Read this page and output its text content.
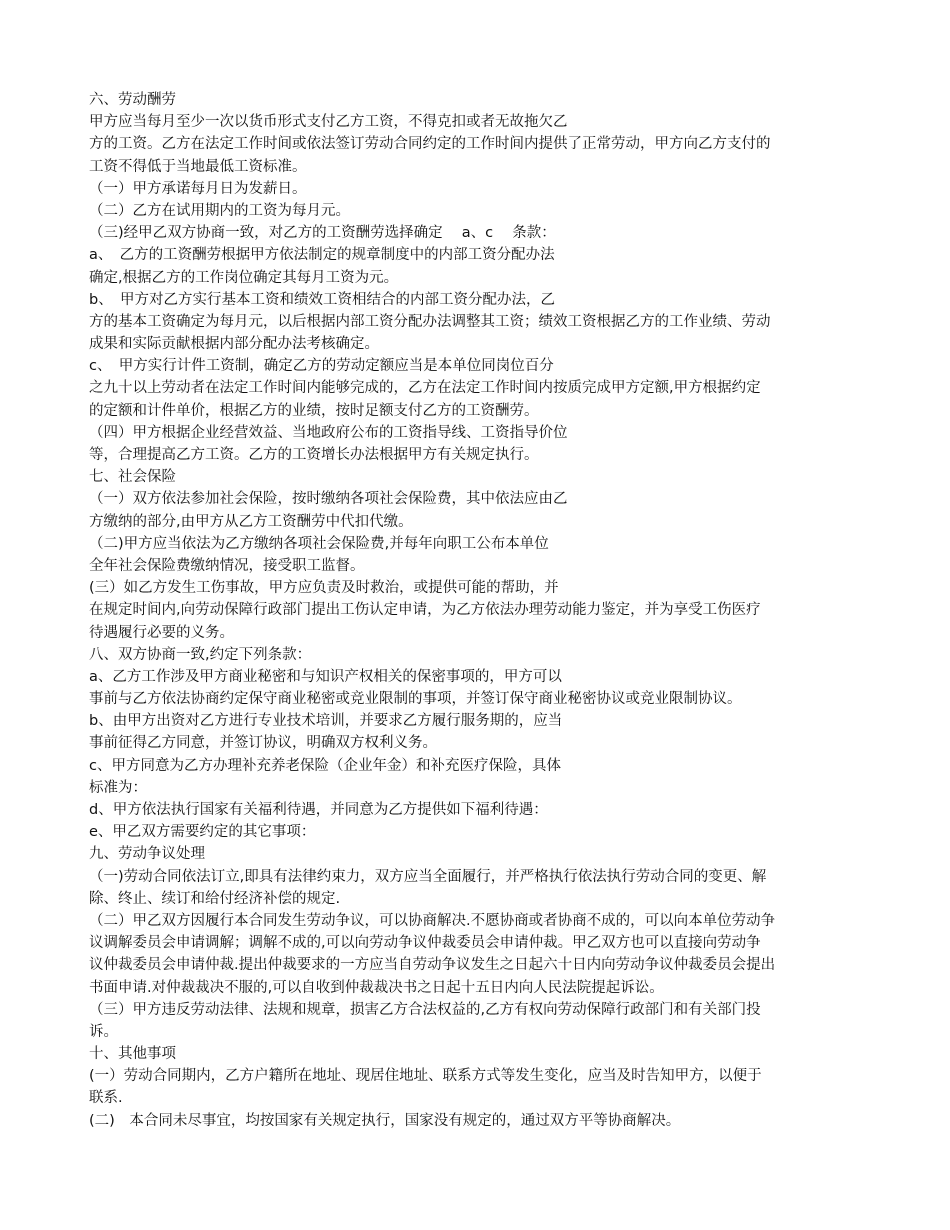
六、劳动酬劳
甲方应当每月至少一次以货币形式支付乙方工资，不得克扣或者无故拖欠乙
方的工资。乙方在法定工作时间或依法签订劳动合同约定的工作时间内提供了正常劳动，甲方向乙方支付的
工资不得低于当地最低工资标准。
（一）甲方承诺每月日为发薪日。
（二）乙方在试用期内的工资为每月元。
（三)经甲乙双方协商一致，对乙方的工资酬劳选择确定　 a、c　 条款：
a、　乙方的工资酬劳根据甲方依法制定的规章制度中的内部工资分配办法
确定,根据乙方的工作岗位确定其每月工资为元。
b、　甲方对乙方实行基本工资和绩效工资相结合的内部工资分配办法，乙
方的基本工资确定为每月元，以后根据内部工资分配办法调整其工资；绩效工资根据乙方的工作业绩、劳动
成果和实际贡献根据内部分配办法考核确定。
c、　甲方实行计件工资制，确定乙方的劳动定额应当是本单位同岗位百分
之九十以上劳动者在法定工作时间内能够完成的，乙方在法定工作时间内按质完成甲方定额,甲方根据约定
的定额和计件单价，根据乙方的业绩，按时足额支付乙方的工资酬劳。
（四）甲方根据企业经营效益、当地政府公布的工资指导线、工资指导价位
等，合理提高乙方工资。乙方的工资增长办法根据甲方有关规定执行。
七、社会保险
（一）双方依法参加社会保险，按时缴纳各项社会保险费，其中依法应由乙
方缴纳的部分,由甲方从乙方工资酬劳中代扣代缴。
（二)甲方应当依法为乙方缴纳各项社会保险费,并每年向职工公布本单位
全年社会保险费缴纳情况，接受职工监督。
(三）如乙方发生工伤事故，甲方应负责及时救治，或提供可能的帮助，并
在规定时间内,向劳动保障行政部门提出工伤认定申请，为乙方依法办理劳动能力鉴定，并为享受工伤医疗
待遇履行必要的义务。
八、双方协商一致,约定下列条款：
a、乙方工作涉及甲方商业秘密和与知识产权相关的保密事项的，甲方可以
事前与乙方依法协商约定保守商业秘密或竞业限制的事项，并签订保守商业秘密协议或竞业限制协议。
b、由甲方出资对乙方进行专业技术培训，并要求乙方履行服务期的，应当
事前征得乙方同意，并签订协议，明确双方权利义务。
c、甲方同意为乙方办理补充养老保险（企业年金）和补充医疗保险，具体
标准为：
d、甲方依法执行国家有关福利待遇，并同意为乙方提供如下福利待遇：
e、甲乙双方需要约定的其它事项：
九、劳动争议处理
（一)劳动合同依法订立,即具有法律约束力，双方应当全面履行，并严格执行依法执行劳动合同的变更、解
除、终止、续订和给付经济补偿的规定.
（二）甲乙双方因履行本合同发生劳动争议，可以协商解决.不愿协商或者协商不成的，可以向本单位劳动争
议调解委员会申请调解；调解不成的,可以向劳动争议仲裁委员会申请仲裁。甲乙双方也可以直接向劳动争
议仲裁委员会申请仲裁.提出仲裁要求的一方应当自劳动争议发生之日起六十日内向劳动争议仲裁委员会提出
书面申请.对仲裁裁决不服的,可以自收到仲裁裁决书之日起十五日内向人民法院提起诉讼。
（三）甲方违反劳动法律、法规和规章，损害乙方合法权益的,乙方有权向劳动保障行政部门和有关部门投
诉。
十、其他事项
(一）劳动合同期内，乙方户籍所在地址、现居住地址、联系方式等发生变化，应当及时告知甲方，以便于
联系.
(二)　本合同未尽事宜，均按国家有关规定执行，国家没有规定的，通过双方平等协商解决。
